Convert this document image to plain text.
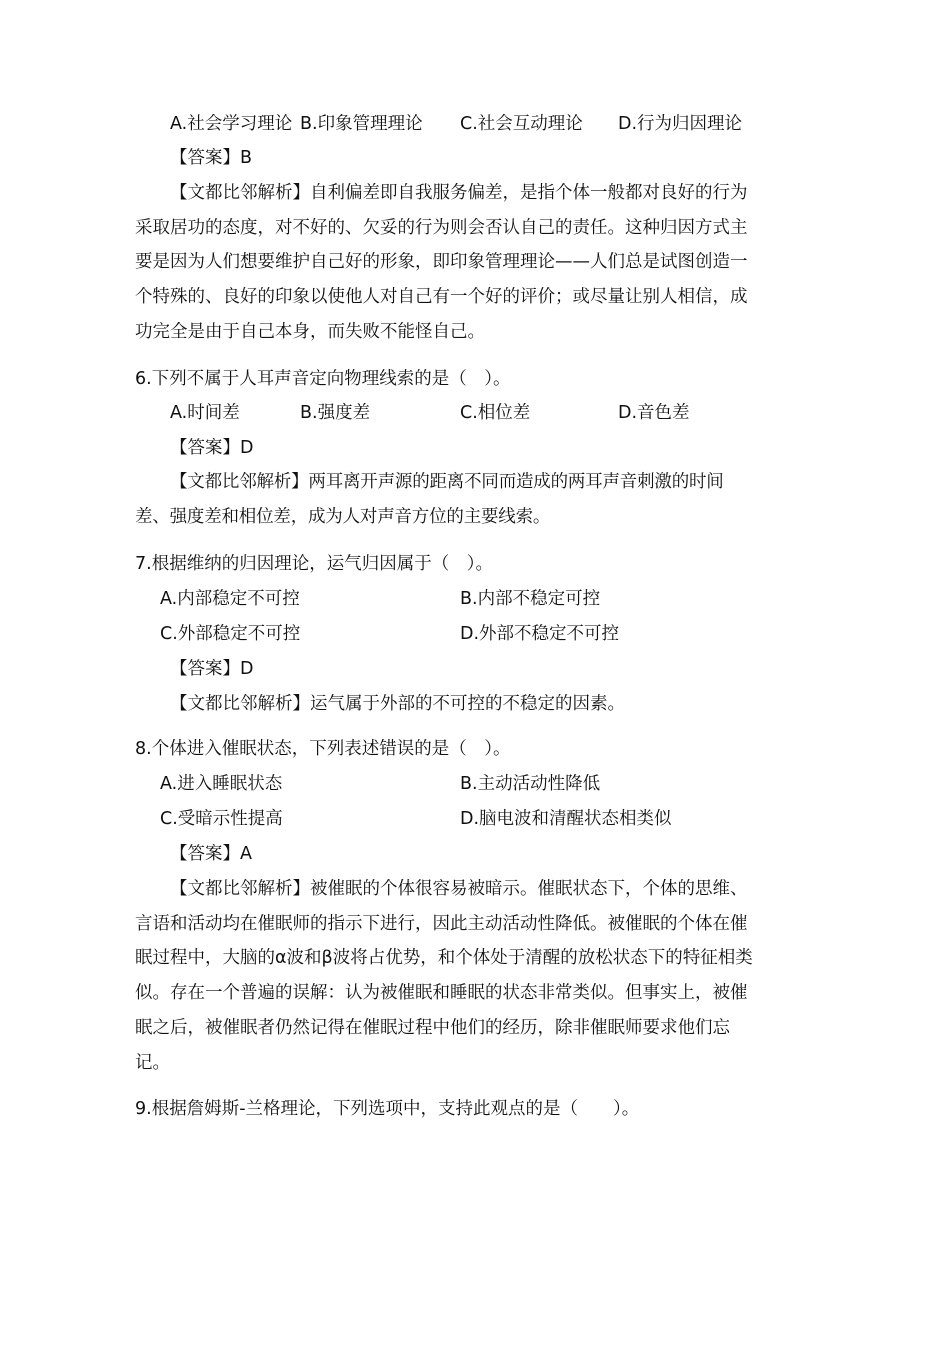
A.社会学习理论 B.印象管理理论 C.社会互动理论 D.行为归因理论
【答案】B
【文都比邻解析】自利偏差即自我服务偏差，是指个体一般都对良好的行为采取居功的态度，对不好的、欠妥的行为则会否认自己的责任。这种归因方式主要是因为人们想要维护自己好的形象，即印象管理理论——人们总是试图创造一个特殊的、良好的印象以使他人对自己有一个好的评价；或尽量让别人相信，成功完全是由于自己本身，而失败不能怪自己。
6.下列不属于人耳声音定向物理线索的是（　）。
A.时间差	B.强度差	C.相位差	D.音色差
【答案】D
【文都比邻解析】两耳离开声源的距离不同而造成的两耳声音刺激的时间差、强度差和相位差，成为人对声音方位的主要线索。
7.根据维纳的归因理论，运气归因属于（　）。
A.内部稳定不可控	B.内部不稳定可控
C.外部稳定不可控	D.外部不稳定不可控
【答案】D
【文都比邻解析】运气属于外部的不可控的不稳定的因素。
8.个体进入催眠状态，下列表述错误的是（　）。
A.进入睡眠状态	B.主动活动性降低
C.受暗示性提高	D.脑电波和清醒状态相类似
【答案】A
【文都比邻解析】被催眠的个体很容易被暗示。催眠状态下，个体的思维、言语和活动均在催眠师的指示下进行，因此主动活动性降低。被催眠的个体在催眠过程中，大脑的α波和β波将占优势，和个体处于清醒的放松状态下的特征相类似。存在一个普遍的误解：认为被催眠和睡眠的状态非常类似。但事实上，被催眠之后，被催眠者仍然记得在催眠过程中他们的经历，除非催眠师要求他们忘记。
9.根据詹姆斯-兰格理论，下列选项中，支持此观点的是（　　）。
